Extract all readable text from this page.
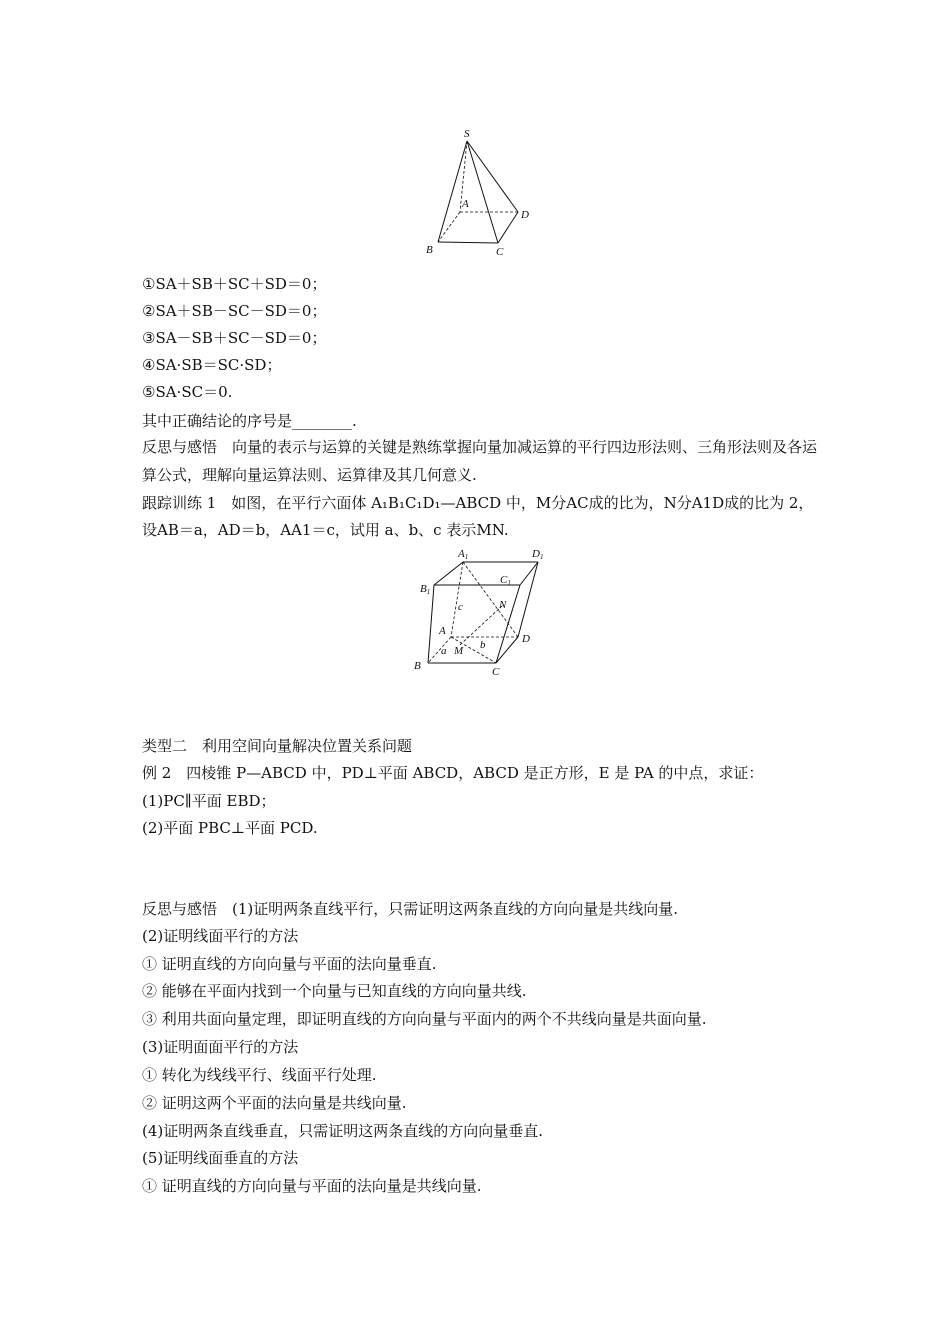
S
A
B	C
D
①SA＋SB＋SC＋SD＝0；
②SA＋SB－SC－SD＝0；
③SA－SB＋SC－SD＝0；
④SA·SB＝SC·SD；
⑤SA·SC＝0.
其中正确结论的序号是________.
反思与感悟　向量的表示与运算的关键是熟练掌握向量加减运算的平行四边形法则、三角形法则及各运算公式，理解向量运算法则、运算律及其几何意义.
跟踪训练 1　如图，在平行六面体 A₁B₁C₁D₁—ABCD 中，M分AC成的比为，N分A1D成的比为 2，
设AB＝a，AD＝b，AA1＝c，试用 a、b、c 表示MN.
A1	D1
B1
C1
N
c
A
D
a M b
B	C
类型二　利用空间向量解决位置关系问题
例 2　四棱锥 P—ABCD 中，PD⊥平面 ABCD，ABCD 是正方形，E 是 PA 的中点，求证：
(1)PC∥平面 EBD；
(2)平面 PBC⊥平面 PCD.
反思与感悟　(1)证明两条直线平行，只需证明这两条直线的方向向量是共线向量.
(2)证明线面平行的方法
① 证明直线的方向向量与平面的法向量垂直.
② 能够在平面内找到一个向量与已知直线的方向向量共线.
③ 利用共面向量定理，即证明直线的方向向量与平面内的两个不共线向量是共面向量.
(3)证明面面平行的方法
① 转化为线线平行、线面平行处理.
② 证明这两个平面的法向量是共线向量.
(4)证明两条直线垂直，只需证明这两条直线的方向向量垂直.
(5)证明线面垂直的方法
① 证明直线的方向向量与平面的法向量是共线向量.
